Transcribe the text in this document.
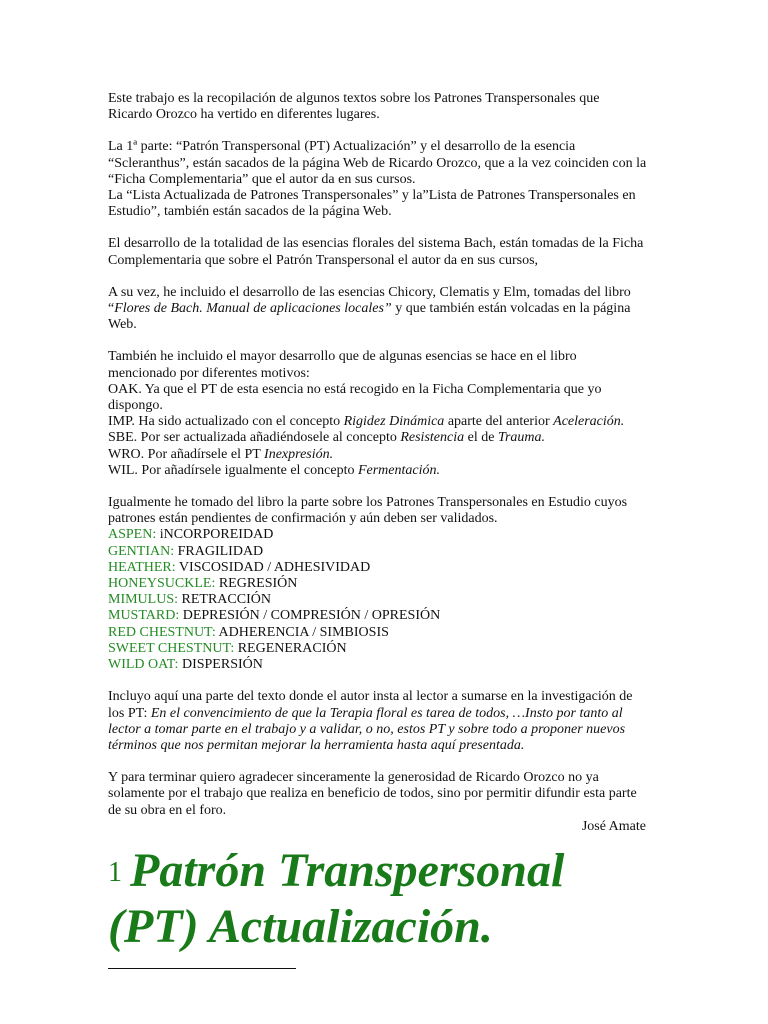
Este trabajo es la recopilación de algunos textos sobre los Patrones Transpersonales que
Ricardo Orozco ha vertido en diferentes lugares.

La 1ª parte: “Patrón Transpersonal (PT) Actualización” y el desarrollo de la esencia
“Scleranthus”, están sacados de la página Web de Ricardo Orozco, que a la vez coinciden con la
“Ficha Complementaria” que el autor da en sus cursos.
La “Lista Actualizada de Patrones Transpersonales” y la”Lista de Patrones Transpersonales en
Estudio”, también están sacados de la página Web.

El desarrollo de la totalidad de las esencias florales del sistema Bach, están tomadas de la Ficha
Complementaria que sobre el Patrón Transpersonal el autor da en sus cursos,

A su vez, he incluido el desarrollo de las esencias Chicory, Clematis y Elm, tomadas del libro
“Flores de Bach. Manual de aplicaciones locales” y que también están volcadas en la página
Web.

También he incluido el mayor desarrollo que de algunas esencias se hace en el libro
mencionado por diferentes motivos:
OAK. Ya que el PT de esta esencia no está recogido en la Ficha Complementaria que yo
dispongo.
IMP. Ha sido actualizado con el concepto Rigidez Dinámica aparte del anterior Aceleración.
SBE. Por ser actualizada añadiéndosele al concepto Resistencia el de Trauma.
WRO. Por añadírsele el PT Inexpresión.
WIL. Por añadírsele igualmente el concepto Fermentación.

Igualmente he tomado del libro la parte sobre los Patrones Transpersonales en Estudio cuyos
patrones están pendientes de confirmación y aún deben ser validados.
ASPEN: iNCORPOREIDAD
GENTIAN: FRAGILIDAD
HEATHER: VISCOSIDAD / ADHESIVIDAD
HONEYSUCKLE: REGRESIÓN
MIMULUS: RETRACCIÓN
MUSTARD: DEPRESIÓN / COMPRESIÓN / OPRESIÓN
RED CHESTNUT: ADHERENCIA / SIMBIOSIS
SWEET CHESTNUT: REGENERACIÓN
WILD OAT: DISPERSIÓN

Incluyo aquí una parte del texto donde el autor insta al lector a sumarse en la investigación de
los PT: En el convencimiento de que la Terapia floral es tarea de todos, …Insto por tanto al
lector a tomar parte en el trabajo y a validar, o no, estos PT y sobre todo a proponer nuevos
términos que nos permitan mejorar la herramienta hasta aquí presentada.

Y para terminar quiero agradecer sinceramente la generosidad de Ricardo Orozco no ya
solamente por el trabajo que realiza en beneficio de todos, sino por permitir difundir esta parte
de su obra en el foro.

José Amate
$^1$ Patrón Transpersonal
(PT) Actualización.
